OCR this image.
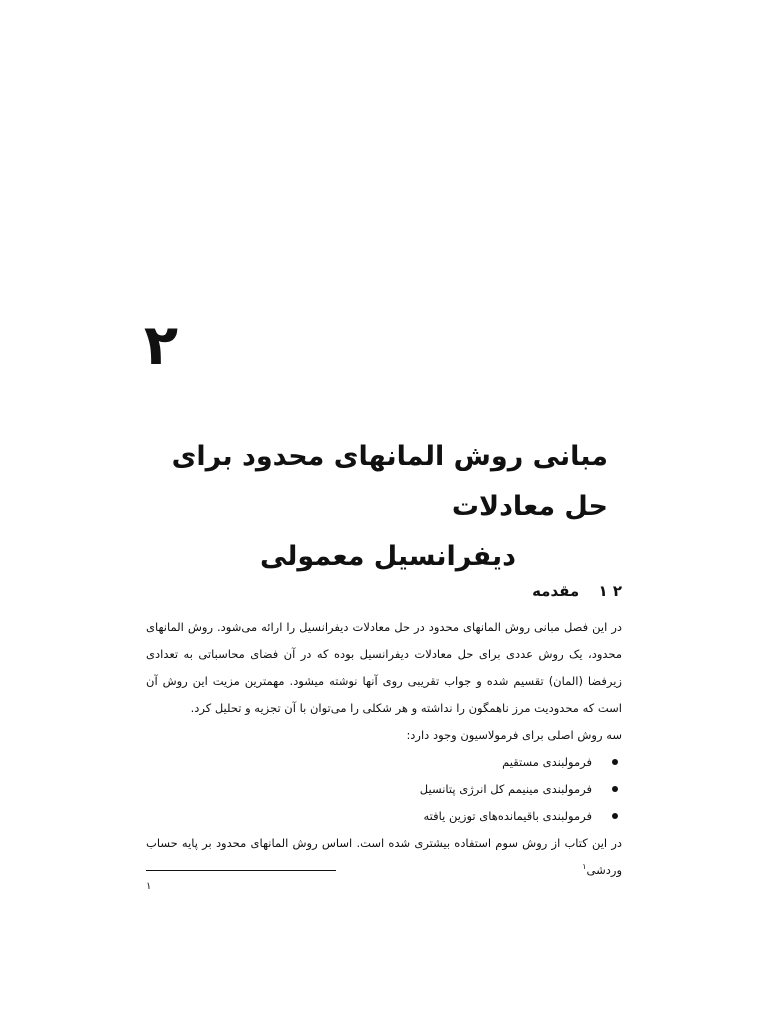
۲
مبانی روش المانهای محدود برای حل معادلات
دیفرانسیل معمولی
۲ ۱ مقدمه

در این فصل مبانی روش المانهای محدود در حل معادلات دیفرانسیل را ارائه می‌شود. روش المانهای محدود، یک روش عددی برای حل معادلات دیفرانسیل بوده که در آن فضای محاسباتی به تعدادی زیرفضا (المان) تقسیم شده و جواب تقریبی روی آنها نوشته میشود. مهمترین مزیت این روش آن است که محدودیت مرز ناهمگون را نداشته و هر شکلی را می‌توان با آن تجزیه و تحلیل کرد.

سه روش اصلی برای فرمولاسیون وجود دارد:

فرمولبندی مستقیم
فرمولبندی مینیمم کل انرژی پتانسیل
فرمولبندی باقیمانده‌های توزین یافته

در این کتاب از روش سوم استفاده بیشتری شده است. اساس روش المانهای محدود بر پایه حساب وردشی$^۱$

۱
